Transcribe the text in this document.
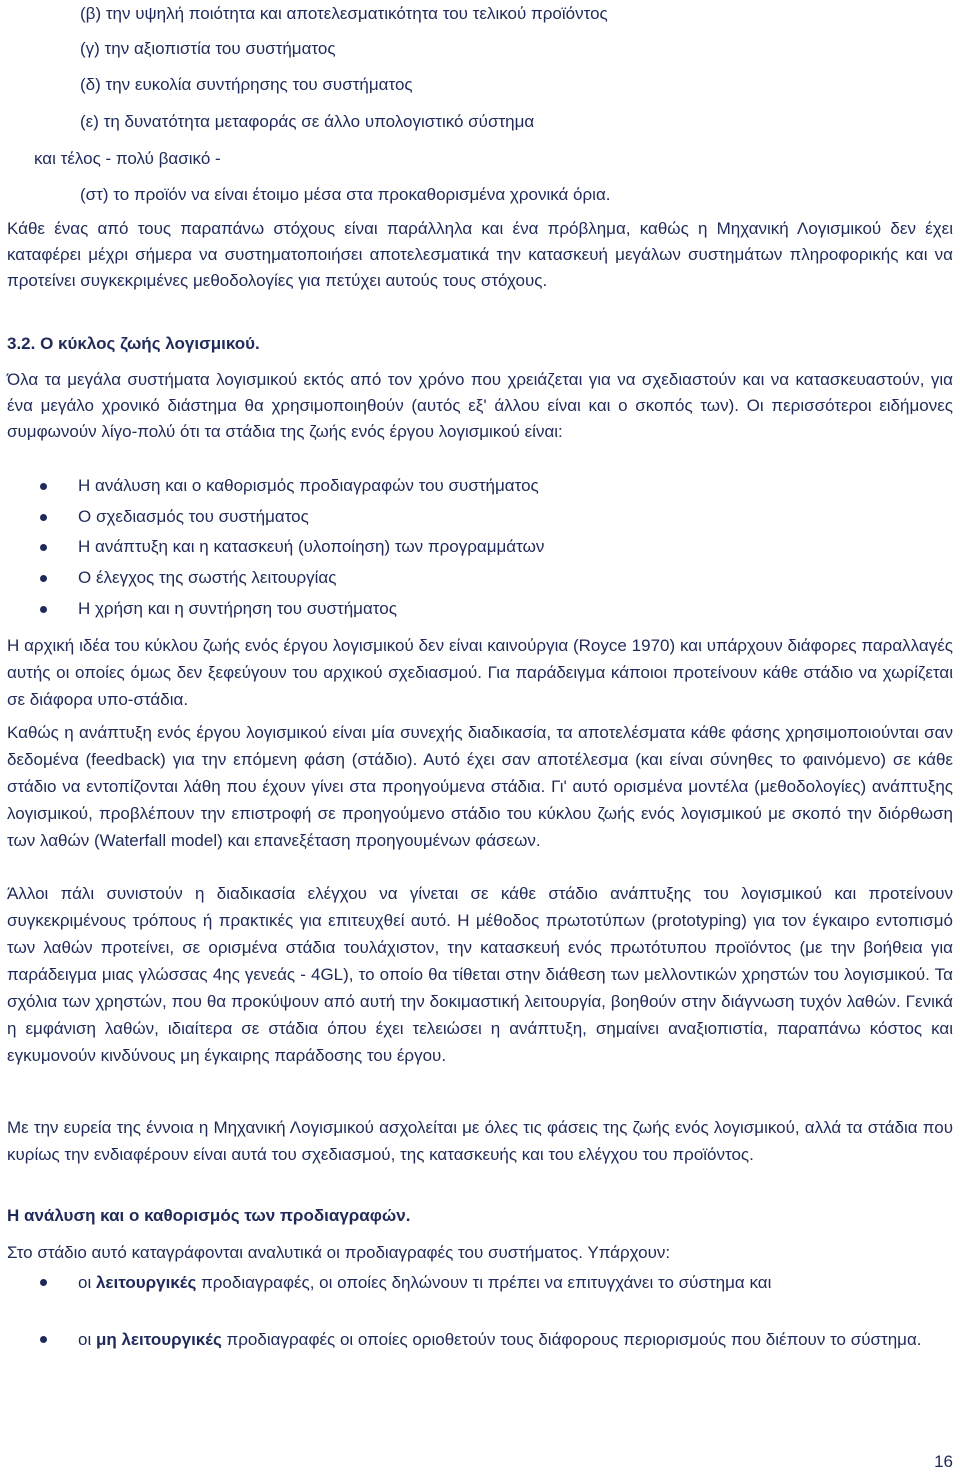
(β) την υψηλή ποιότητα και αποτελεσματικότητα του τελικού προϊόντος
(γ) την αξιοπιστία του συστήματος
(δ) την ευκολία συντήρησης του συστήματος
(ε) τη δυνατότητα μεταφοράς σε άλλο υπολογιστικό σύστημα
και τέλος - πολύ βασικό -
(στ) το προϊόν να είναι έτοιμο μέσα στα προκαθορισμένα χρονικά όρια.

Κάθε ένας από τους παραπάνω στόχους είναι παράλληλα και ένα πρόβλημα, καθώς η Μηχανική Λογισμικού δεν έχει καταφέρει μέχρι σήμερα να συστηματοποιήσει αποτελεσματικά την κατασκευή μεγάλων συστημάτων πληροφορικής και να προτείνει συγκεκριμένες μεθοδολογίες για πετύχει αυτούς τους στόχους.

3.2. Ο κύκλος ζωής λογισμικού.

Όλα τα μεγάλα συστήματα λογισμικού εκτός από τον χρόνο που χρειάζεται για να σχεδιαστούν και να κατασκευαστούν, για ένα μεγάλο χρονικό διάστημα θα χρησιμοποιηθούν (αυτός εξ' άλλου είναι και ο σκοπός των). Οι περισσότεροι ειδήμονες συμφωνούν λίγο-πολύ ότι τα στάδια της ζωής ενός έργου λογισμικού είναι:

Η ανάλυση και ο καθορισμός προδιαγραφών του συστήματος
Ο σχεδιασμός του συστήματος
Η ανάπτυξη και η κατασκευή (υλοποίηση) των προγραμμάτων
Ο έλεγχος της σωστής λειτουργίας
Η χρήση και η συντήρηση του συστήματος

Η αρχική ιδέα του κύκλου ζωής ενός έργου λογισμικού δεν είναι καινούργια (Royce 1970) και υπάρχουν διάφορες παραλλαγές αυτής οι οποίες όμως δεν ξεφεύγουν του αρχικού σχεδιασμού. Για παράδειγμα κάποιοι προτείνουν κάθε στάδιο να χωρίζεται σε διάφορα υπο-στάδια.

Καθώς η ανάπτυξη ενός έργου λογισμικού είναι μία συνεχής διαδικασία, τα αποτελέσματα κάθε φάσης χρησιμοποιούνται σαν δεδομένα (feedback) για την επόμενη φάση (στάδιο). Αυτό έχει σαν αποτέλεσμα (και είναι σύνηθες το φαινόμενο) σε κάθε στάδιο να εντοπίζονται λάθη που έχουν γίνει στα προηγούμενα στάδια. Γι' αυτό ορισμένα μοντέλα (μεθοδολογίες) ανάπτυξης λογισμικού, προβλέπουν την επιστροφή σε προηγούμενο στάδιο του κύκλου ζωής ενός λογισμικού με σκοπό την διόρθωση των λαθών (Waterfall model) και επανεξέταση προηγουμένων φάσεων.

Άλλοι πάλι συνιστούν η διαδικασία ελέγχου να γίνεται σε κάθε στάδιο ανάπτυξης του λογισμικού και προτείνουν συγκεκριμένους τρόπους ή πρακτικές για επιτευχθεί αυτό. Η μέθοδος πρωτοτύπων (prototyping) για τον έγκαιρο εντοπισμό των λαθών προτείνει, σε ορισμένα στάδια τουλάχιστον, την κατασκευή ενός πρωτότυπου προϊόντος (με την βοήθεια για παράδειγμα μιας γλώσσας 4ης γενεάς - 4GL), το οποίο θα τίθεται στην διάθεση των μελλοντικών χρηστών του λογισμικού. Τα σχόλια των χρηστών, που θα προκύψουν από αυτή την δοκιμαστική λειτουργία, βοηθούν στην διάγνωση τυχόν λαθών. Γενικά η εμφάνιση λαθών, ιδιαίτερα σε στάδια όπου έχει τελειώσει η ανάπτυξη, σημαίνει αναξιοπιστία, παραπάνω κόστος και εγκυμονούν κινδύνους μη έγκαιρης παράδοσης του έργου.

Με την ευρεία της έννοια η Μηχανική Λογισμικού ασχολείται με όλες τις φάσεις της ζωής ενός λογισμικού, αλλά τα στάδια που κυρίως την ενδιαφέρουν είναι αυτά του σχεδιασμού, της κατασκευής και του ελέγχου του προϊόντος.

Η ανάλυση και ο καθορισμός των προδιαγραφών.

Στο στάδιο αυτό καταγράφονται αναλυτικά οι προδιαγραφές του συστήματος. Υπάρχουν:

οι λειτουργικές προδιαγραφές, οι οποίες δηλώνουν τι πρέπει να επιτυγχάνει το σύστημα και
οι μη λειτουργικές προδιαγραφές οι οποίες οριοθετούν τους διάφορους περιορισμούς που διέπουν το σύστημα.
16
